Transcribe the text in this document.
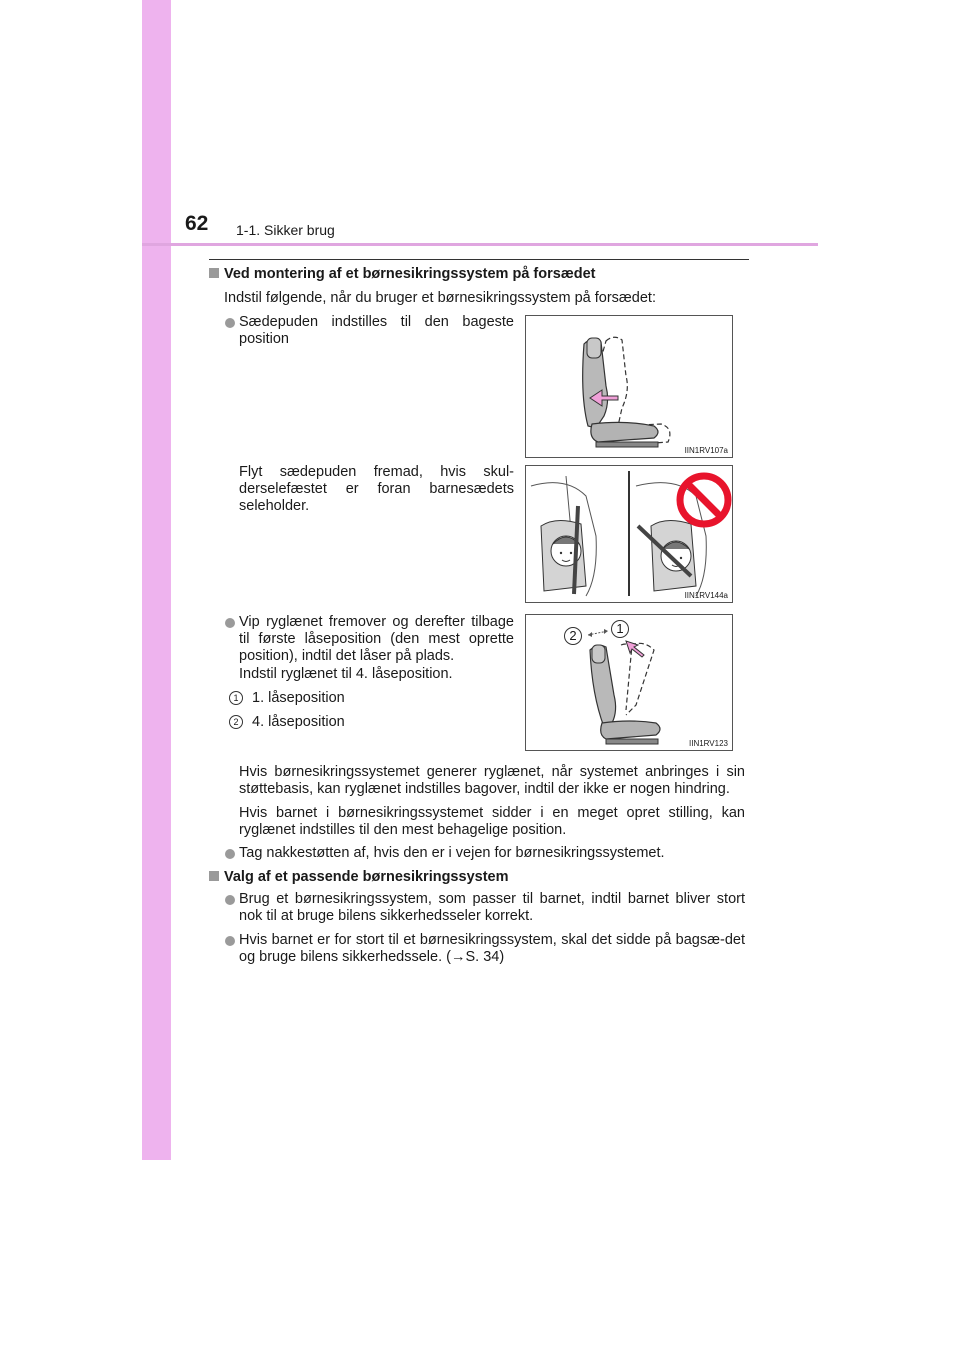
62 1-1. Sikker brug
Ved montering af et børnesikringssystem på forsædet
Indstil følgende, når du bruger et børnesikringssystem på forsædet:
Sædepuden indstilles til den bageste position
Flyt sædepuden fremad, hvis skul-derselefæstet er foran barnesædets seleholder.
Vip ryglænet fremover og derefter tilbage til første låseposition (den mest oprette position), indtil det låser på plads.
Indstil ryglænet til 4. låseposition.
1 1. låseposition
2 4. låseposition
Hvis børnesikringssystemet generer ryglænet, når systemet anbringes i sin støttebasis, kan ryglænet indstilles bagover, indtil der ikke er nogen hindring.
Hvis barnet i børnesikringssystemet sidder i en meget opret stilling, kan ryglænet indstilles til den mest behagelige position.
Tag nakkestøtten af, hvis den er i vejen for børnesikringssystemet.
Valg af et passende børnesikringssystem
Brug et børnesikringssystem, som passer til barnet, indtil barnet bliver stort nok til at bruge bilens sikkerhedsseler korrekt.
Hvis barnet er for stort til et børnesikringssystem, skal det sidde på bagsæ-det og bruge bilens sikkerhedssele. (→S. 34)
IIN1RV107a
IIN1RV144a
2	1
IIN1RV123
